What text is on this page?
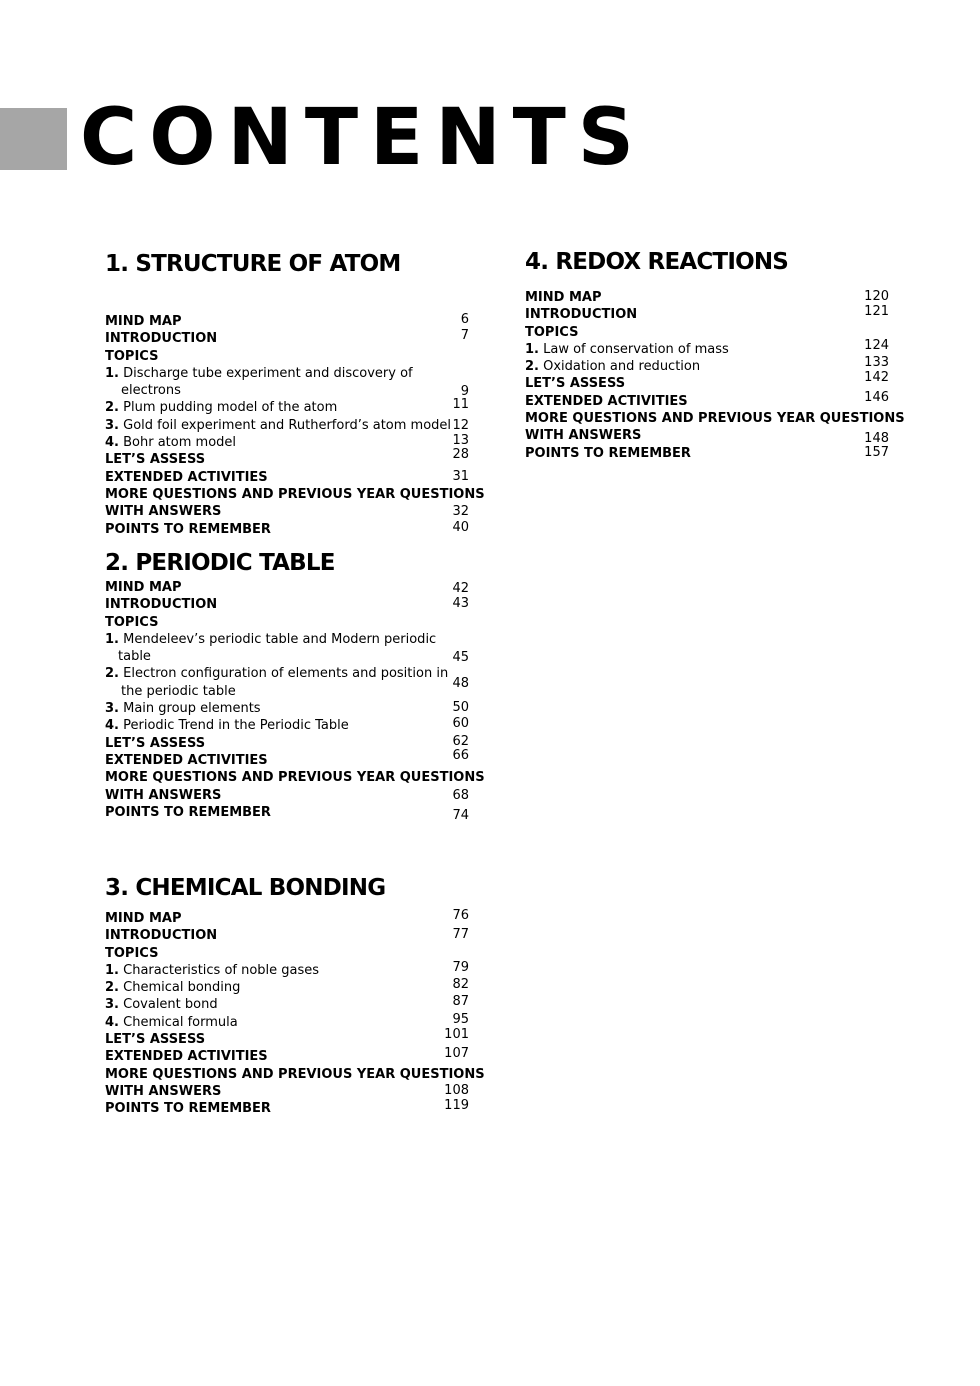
CONTENTS
1. STRUCTURE OF ATOM
MIND MAP	6
INTRODUCTION	7
TOPICS
1. Discharge tube experiment and discovery of
electrons	9
2. Plum pudding model of the atom	11
3. Gold foil experiment and Rutherford’s atom model 12
4. Bohr atom model	13
LET’S ASSESS	28
EXTENDED ACTIVITIES	31
MORE QUESTIONS AND PREVIOUS YEAR QUESTIONS
WITH ANSWERS	32
POINTS TO REMEMBER	40
2. PERIODIC TABLE
MIND MAP	42
INTRODUCTION	43
TOPICS
1. Mendeleev’s periodic table and Modern periodic
table	45
2. Electron configuration of elements and position in
the periodic table
48
3. Main group elements	50
4. Periodic Trend in the Periodic Table	60
LET’S ASSESS	62
EXTENDED ACTIVITIES	66
MORE QUESTIONS AND PREVIOUS YEAR QUESTIONS
WITH ANSWERS	68
POINTS TO REMEMBER	74
3. CHEMICAL BONDING
MIND MAP	76
INTRODUCTION	77
TOPICS
1. Characteristics of noble gases	79
2. Chemical bonding	82
3. Covalent bond	87
4. Chemical formula	95
LET’S ASSESS	101
EXTENDED ACTIVITIES	107
MORE QUESTIONS AND PREVIOUS YEAR QUESTIONS
WITH ANSWERS	108
POINTS TO REMEMBER	119
4. REDOX REACTIONS
MIND MAP	120
INTRODUCTION	121
TOPICS
1. Law of conservation of mass	124
2. Oxidation and reduction	133
LET’S ASSESS	142
EXTENDED ACTIVITIES	146
MORE QUESTIONS AND PREVIOUS YEAR QUESTIONS
WITH ANSWERS	148
POINTS TO REMEMBER	157
